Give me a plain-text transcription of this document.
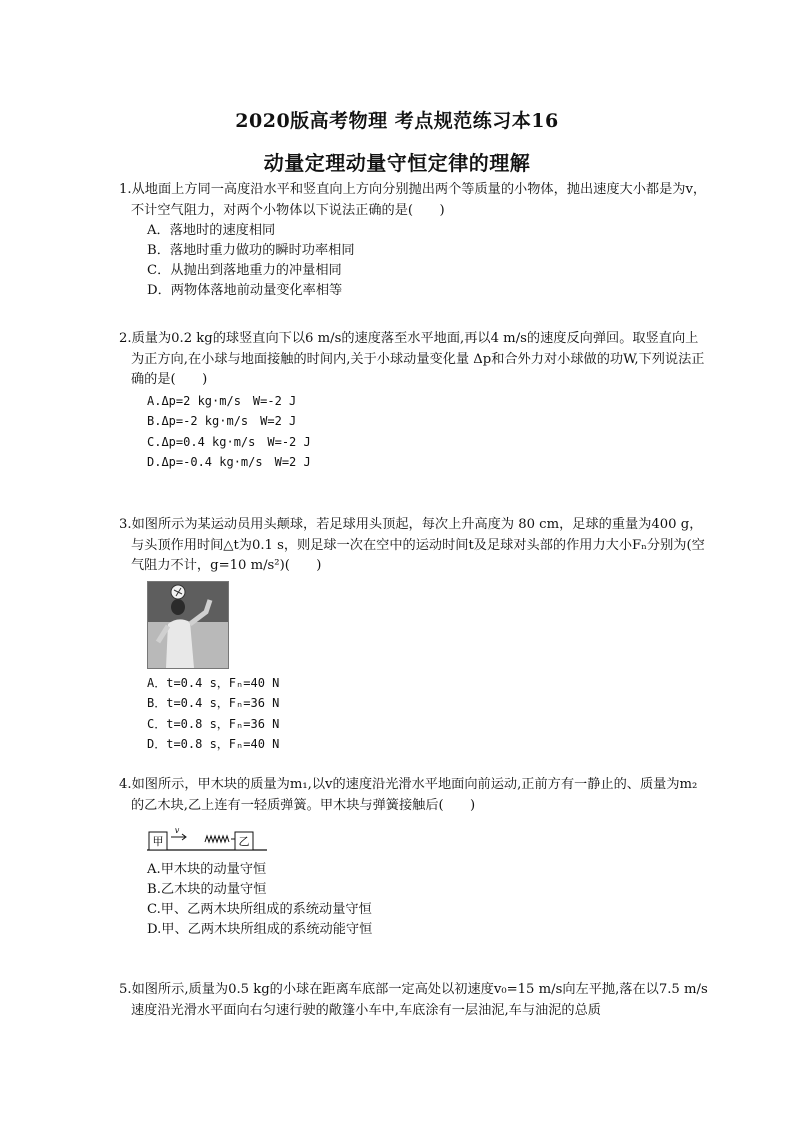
2020版高考物理 考点规范练习本16
动量定理动量守恒定律的理解

1.从地面上方同一高度沿水平和竖直向上方向分别抛出两个等质量的小物体，抛出速度大小都是为v，不计空气阻力，对两个小物体以下说法正确的是(　　)

A．落地时的速度相同

B．落地时重力做功的瞬时功率相同

C．从抛出到落地重力的冲量相同

D．两物体落地前动量变化率相等

2.质量为0.2 kg的球竖直向下以6 m/s的速度落至水平地面,再以4 m/s的速度反向弹回。取竖直向上为正方向,在小球与地面接触的时间内,关于小球动量变化量 Δp和合外力对小球做的功W,下列说法正确的是(　　)

A.Δp=2 kg·m/s　W=-2 J

B.Δp=-2 kg·m/s　W=2 J

C.Δp=0.4 kg·m/s　W=-2 J

D.Δp=-0.4 kg·m/s　W=2 J

3.如图所示为某运动员用头颠球，若足球用头顶起，每次上升高度为 80 cm，足球的重量为400 g，与头顶作用时间△t为0.1 s，则足球一次在空中的运动时间t及足球对头部的作用力大小Fₙ分别为(空气阻力不计，g=10 m/s²)(　　)

A．t=0.4 s，Fₙ=40 N

B．t=0.4 s，Fₙ=36 N

C．t=0.8 s，Fₙ=36 N

D．t=0.8 s，Fₙ=40 N

4.如图所示，甲木块的质量为m₁,以v的速度沿光滑水平地面向前运动,正前方有一静止的、质量为m₂的乙木块,乙上连有一轻质弹簧。甲木块与弹簧接触后(　　)

甲
v
乙

A.甲木块的动量守恒

B.乙木块的动量守恒

C.甲、乙两木块所组成的系统动量守恒

D.甲、乙两木块所组成的系统动能守恒

5.如图所示,质量为0.5 kg的小球在距离车底部一定高处以初速度v₀=15 m/s向左平抛,落在以7.5 m/s速度沿光滑水平面向右匀速行驶的敞篷小车中,车底涂有一层油泥,车与油泥的总质
